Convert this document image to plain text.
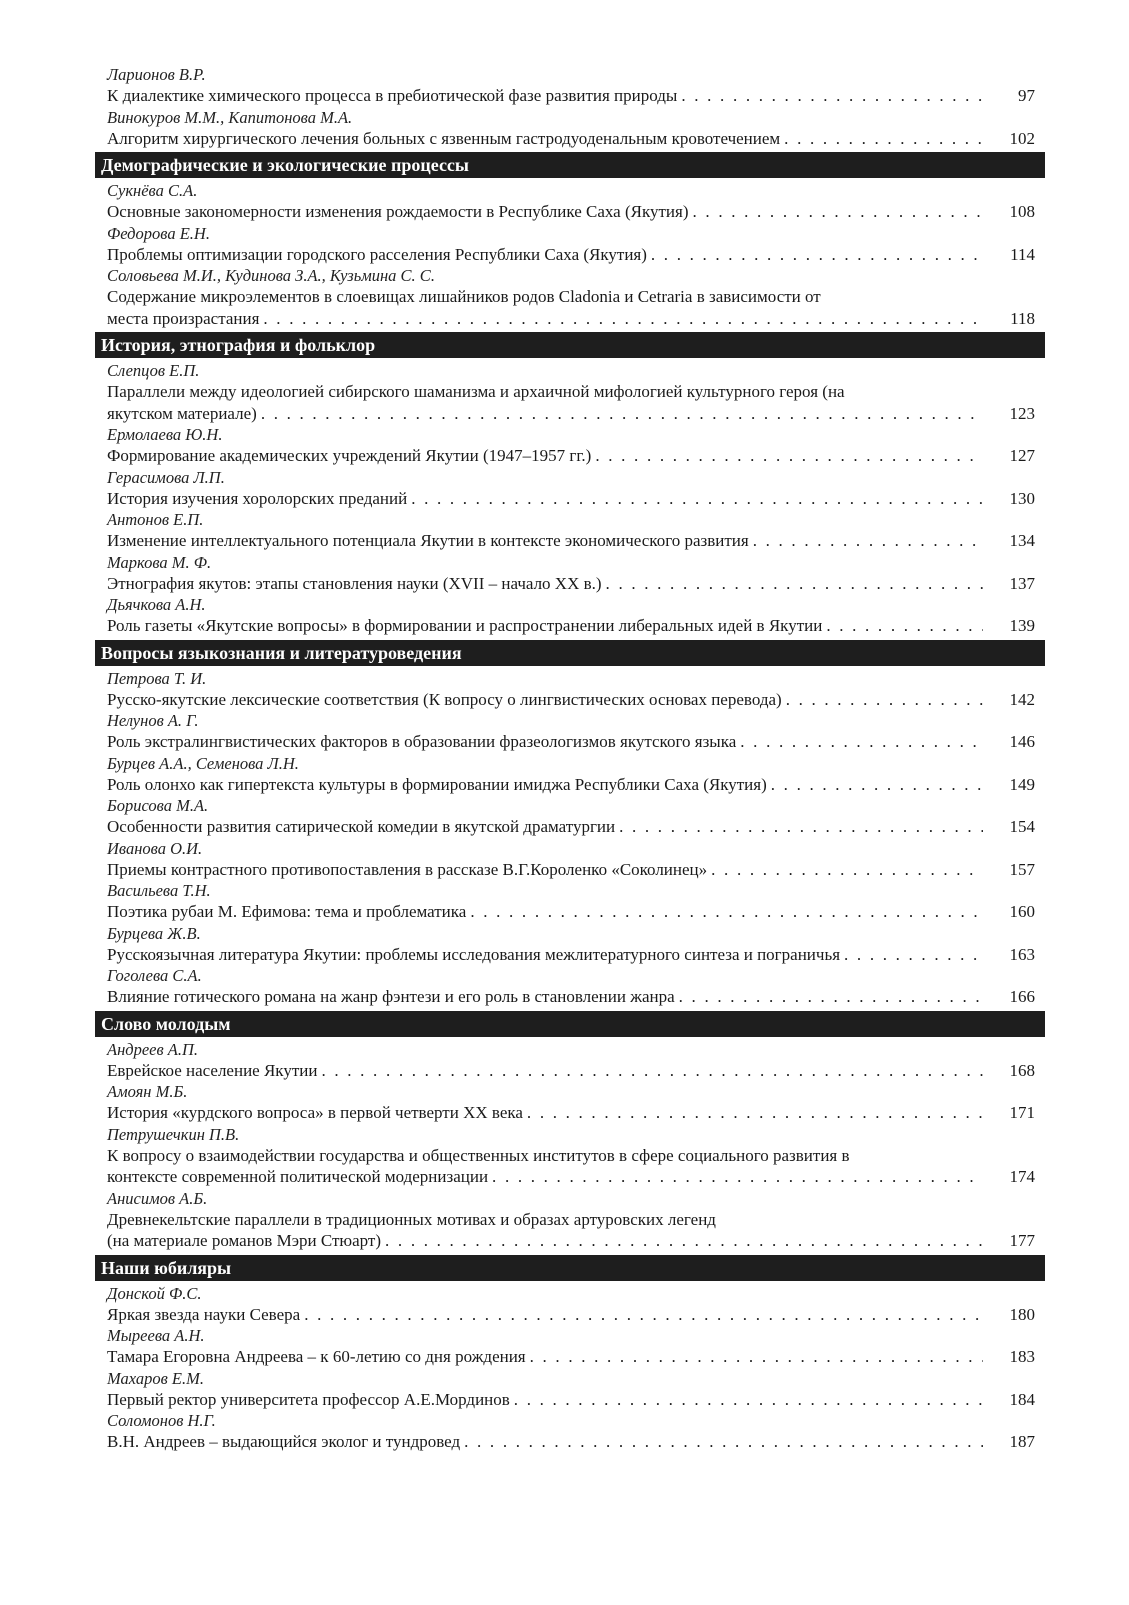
Ларионов В.Р.
К диалектике химического процесса в пребиотической фазе развития природы . . .	97
Винокуров М.М., Капитонова М.А.
Алгоритм хирургического лечения больных с язвенным гастродуоденальным кровотечением . . .	102
Демографические и экологические процессы
Сукнёва С.А.
Основные закономерности изменения рождаемости в Республике Саха (Якутия) . . .	108
Федорова Е.Н.
Проблемы оптимизации городского расселения Республики Саха (Якутия) . . .	114
Соловьева М.И., Кудинова З.А., Кузьмина С. С.
Содержание микроэлементов в слоевищах лишайников родов Cladonia и Cetraria в зависимости от
места произрастания . . .	118
История, этнография и фольклор
Слепцов Е.П.
Параллели между идеологией сибирского шаманизма и архаичной мифологией культурного героя (на
якутском материале) . . .	123
Ермолаева Ю.Н.
Формирование академических учреждений Якутии (1947–1957 гг.) . . .	127
Герасимова Л.П.
История изучения хоролорских преданий . . .	130
Антонов Е.П.
Изменение интеллектуального потенциала Якутии в контексте экономического развития . . .	134
Маркова М. Ф.
Этнография якутов: этапы становления науки (XVII – начало XX в.) . . .	137
Дьячкова А.Н.
Роль газеты «Якутские вопросы» в формировании и распространении либеральных идей в Якутии . . .	139
Вопросы языкознания и литературоведения
Петрова Т. И.
Русско-якутские лексические соответствия (К вопросу о лингвистических основах перевода) . . .	142
Нелунов А. Г.
Роль экстралингвистических факторов в образовании фразеологизмов якутского языка . . .	146
Бурцев А.А., Семенова Л.Н.
Роль олонхо как гипертекста культуры в формировании имиджа Республики Саха (Якутия) . . .	149
Борисова М.А.
Особенности развития сатирической комедии в якутской драматургии . . .	154
Иванова О.И.
Приемы контрастного противопоставления в рассказе В.Г.Короленко «Соколинец» . . .	157
Васильева Т.Н.
Поэтика рубаи М. Ефимова: тема и проблематика . . .	160
Бурцева Ж.В.
Русскоязычная литература Якутии: проблемы исследования межлитературного синтеза и пограничья . . .	163
Гоголева С.А.
Влияние готического романа на жанр фэнтези и его роль в становлении жанра . . .	166
Слово молодым
Андреев А.П.
Еврейское население Якутии . . .	168
Амоян М.Б.
История «курдского вопроса» в первой четверти XX века . . .	171
Петрушечкин П.В.
К вопросу о взаимодействии государства и общественных институтов в сфере социального развития в
контексте современной политической модернизации . . .	174
Анисимов А.Б.
Древнекельтские параллели в традиционных мотивах и образах артуровских легенд
(на материале романов Мэри Стюарт) . . .	177
Наши юбиляры
Донской Ф.С.
Яркая звезда науки Севера . . .	180
Мыреева А.Н.
Тамара Егоровна Андреева – к 60-летию со дня рождения . . .	183
Махаров Е.М.
Первый ректор университета профессор А.Е.Мординов . . .	184
Соломонов Н.Г.
В.Н. Андреев – выдающийся эколог и тундровед . . .	187
